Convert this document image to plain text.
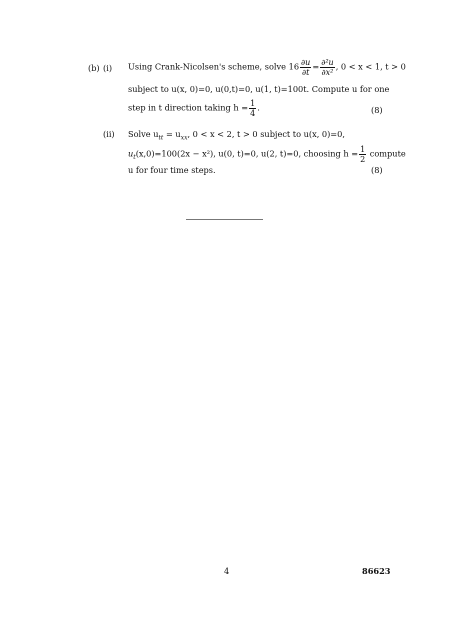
(b) (i) Using Crank-Nicolsen's scheme, solve $16 \frac{\partial u}{\partial t} = \frac{\text{∂²u}}{\text{∂x²}}$ , 0 < x < 1, t > 0
subject to u(x, 0)=0, u(0,t)=0, u(1, t)=100t. Compute u for one
step in t direction taking $h = \frac{1}{4}$ .	(8)
(ii) Solve $u_{tt} = u_{xx}$, 0 < x < 2, t > 0 subject to u(x, 0)=0,
$u_t(x,0)=100(2x - x^2)$, u(0, t)=0, u(2, t)=0, choosing $h = \frac{1}{2}$ compute
u for four time steps.	(8)
4	86623
